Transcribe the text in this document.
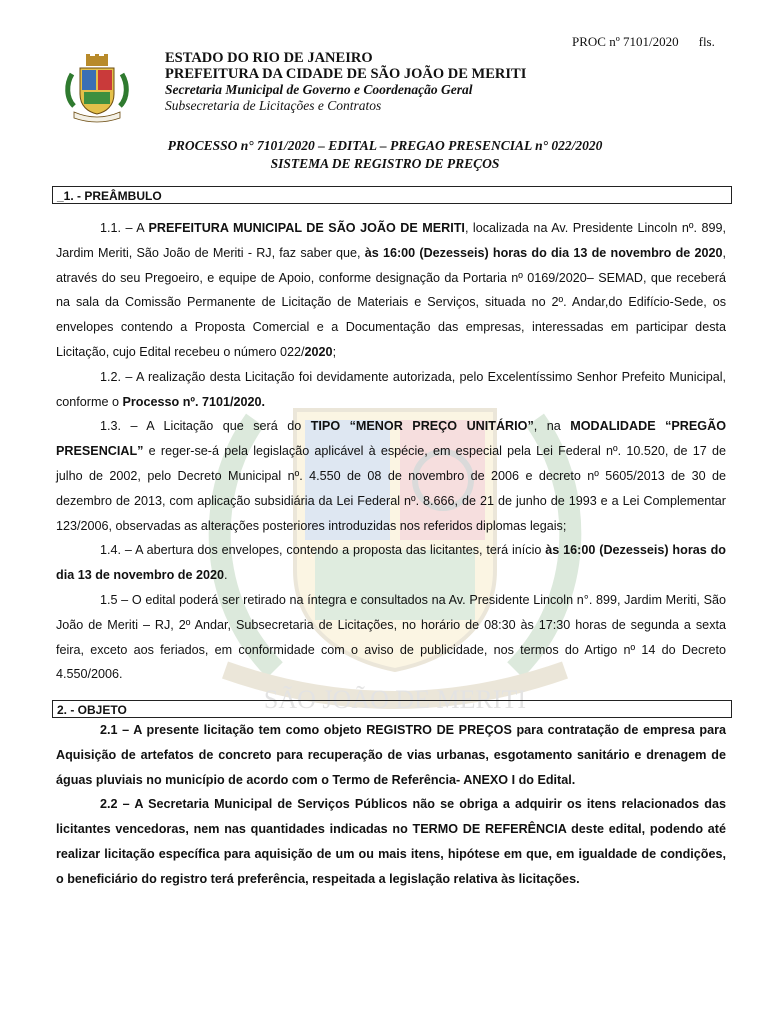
PROC nº 7101/2020 fls.
ESTADO DO RIO DE JANEIRO
PREFEITURA DA CIDADE DE SÃO JOÃO DE MERITI
Secretaria Municipal de Governo e Coordenação Geral
Subsecretaria de Licitações e Contratos
PROCESSO n° 7101/2020 – EDITAL – PREGAO PRESENCIAL n° 022/2020
SISTEMA DE REGISTRO DE PREÇOS
SÃO JOÃO DE MERITI
_1. - PREÂMBULO

1.1. – A PREFEITURA MUNICIPAL DE SÃO JOÃO DE MERITI, localizada na Av. Presidente Lincoln nº. 899, Jardim Meriti, São João de Meriti - RJ, faz saber que, às 16:00 (Dezesseis) horas do dia 13 de novembro de 2020, através do seu Pregoeiro, e equipe de Apoio, conforme designação da Portaria nº 0169/2020– SEMAD, que receberá na sala da Comissão Permanente de Licitação de Materiais e Serviços, situada no 2º. Andar,do Edifício-Sede, os envelopes contendo a Proposta Comercial e a Documentação das empresas, interessadas em participar desta Licitação, cujo Edital recebeu o número 022/2020;

1.2. – A realização desta Licitação foi devidamente autorizada, pelo Excelentíssimo Senhor Prefeito Municipal, conforme o Processo nº. 7101/2020.

1.3. – A Licitação que será do TIPO “MENOR PREÇO UNITÁRIO”, na MODALIDADE “PREGÃO PRESENCIAL” e reger-se-á pela legislação aplicável à espécie, em especial pela Lei Federal nº. 10.520, de 17 de julho de 2002, pelo Decreto Municipal nº. 4.550 de 08 de novembro de 2006 e decreto nº 5605/2013 de 30 de dezembro de 2013, com aplicação subsidiária da Lei Federal nº. 8.666, de 21 de junho de 1993 e a Lei Complementar 123/2006, observadas as alterações posteriores introduzidas nos referidos diplomas legais;

1.4. – A abertura dos envelopes, contendo a proposta das licitantes, terá início às 16:00 (Dezesseis) horas do dia 13 de novembro de 2020.

1.5 – O edital poderá ser retirado na íntegra e consultados na Av. Presidente Lincoln n°. 899, Jardim Meriti, São João de Meriti – RJ, 2º Andar, Subsecretaria de Licitações, no horário de 08:30 às 17:30 horas de segunda a sexta feira, exceto aos feriados, em conformidade com o aviso de publicidade, nos termos do Artigo nº 14 do Decreto 4.550/2006.

2. - OBJETO

2.1 – A presente licitação tem como objeto REGISTRO DE PREÇOS para contratação de empresa para Aquisição de artefatos de concreto para recuperação de vias urbanas, esgotamento sanitário e drenagem de águas pluviais no município de acordo com o Termo de Referência- ANEXO I do Edital.

2.2 – A Secretaria Municipal de Serviços Públicos não se obriga a adquirir os itens relacionados das licitantes vencedoras, nem nas quantidades indicadas no TERMO DE REFERÊNCIA deste edital, podendo até realizar licitação específica para aquisição de um ou mais itens, hipótese em que, em igualdade de condições, o beneficiário do registro terá preferência, respeitada a legislação relativa às licitações.
